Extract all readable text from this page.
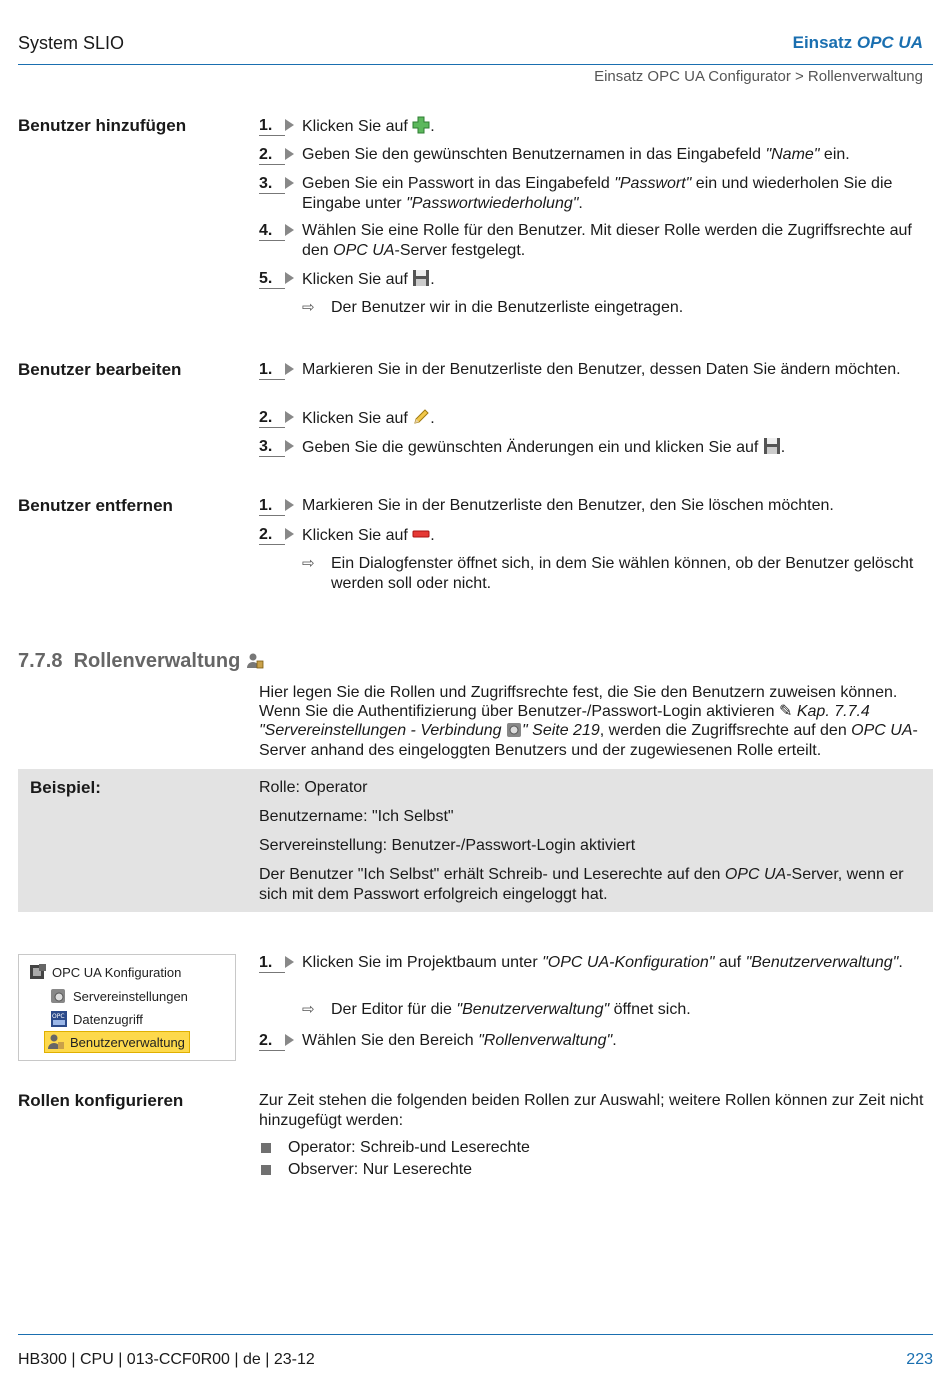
System SLIO	Einsatz OPC UA
Einsatz OPC UA Configurator > Rollenverwaltung
Benutzer hinzufügen	1.	Klicken Sie auf .
2.	Geben Sie den gewünschten Benutzernamen in das Eingabefeld "Name" ein.
3.	Geben Sie ein Passwort in das Eingabefeld "Passwort" ein und wiederholen Sie die Eingabe unter "Passwortwiederholung".
4.	Wählen Sie eine Rolle für den Benutzer. Mit dieser Rolle werden die Zugriffsrechte auf den OPC UA-Server festgelegt.
5.	Klicken Sie auf .
⇨ Der Benutzer wir in die Benutzerliste eingetragen.
Benutzer bearbeiten	1.	Markieren Sie in der Benutzerliste den Benutzer, dessen Daten Sie ändern möchten.
2.	Klicken Sie auf .
3.	Geben Sie die gewünschten Änderungen ein und klicken Sie auf .
Benutzer entfernen	1.	Markieren Sie in der Benutzerliste den Benutzer, den Sie löschen möchten.
2.	Klicken Sie auf .
⇨ Ein Dialogfenster öffnet sich, in dem Sie wählen können, ob der Benutzer gelöscht werden soll oder nicht.
7.7.8 Rollenverwaltung
Hier legen Sie die Rollen und Zugriffsrechte fest, die Sie den Benutzern zuweisen können. Wenn Sie die Authentifizierung über Benutzer-/Passwort-Login aktivieren ✎ Kap. 7.7.4 "Servereinstellungen - Verbindung " Seite 219, werden die Zugriffsrechte auf den OPC UA-Server anhand des eingeloggten Benutzers und der zugewiesenen Rolle erteilt.
Beispiel:	Rolle: Operator
Benutzername: "Ich Selbst"
Servereinstellung: Benutzer-/Passwort-Login aktiviert
Der Benutzer "Ich Selbst" erhält Schreib- und Leserechte auf den OPC UA-Server, wenn er sich mit dem Passwort erfolgreich eingeloggt hat.
OPC UA Konfiguration
Servereinstellungen
OPC Datenzugriff
Benutzerverwaltung
1.	Klicken Sie im Projektbaum unter "OPC UA-Konfiguration" auf "Benutzerverwaltung".
⇨ Der Editor für die "Benutzerverwaltung" öffnet sich.
2.	Wählen Sie den Bereich "Rollenverwaltung".
Rollen konfigurieren	Zur Zeit stehen die folgenden beiden Rollen zur Auswahl; weitere Rollen können zur Zeit nicht hinzugefügt werden:
Operator: Schreib-und Leserechte
Observer: Nur Leserechte
HB300 | CPU | 013-CCF0R00 | de | 23-12	223
